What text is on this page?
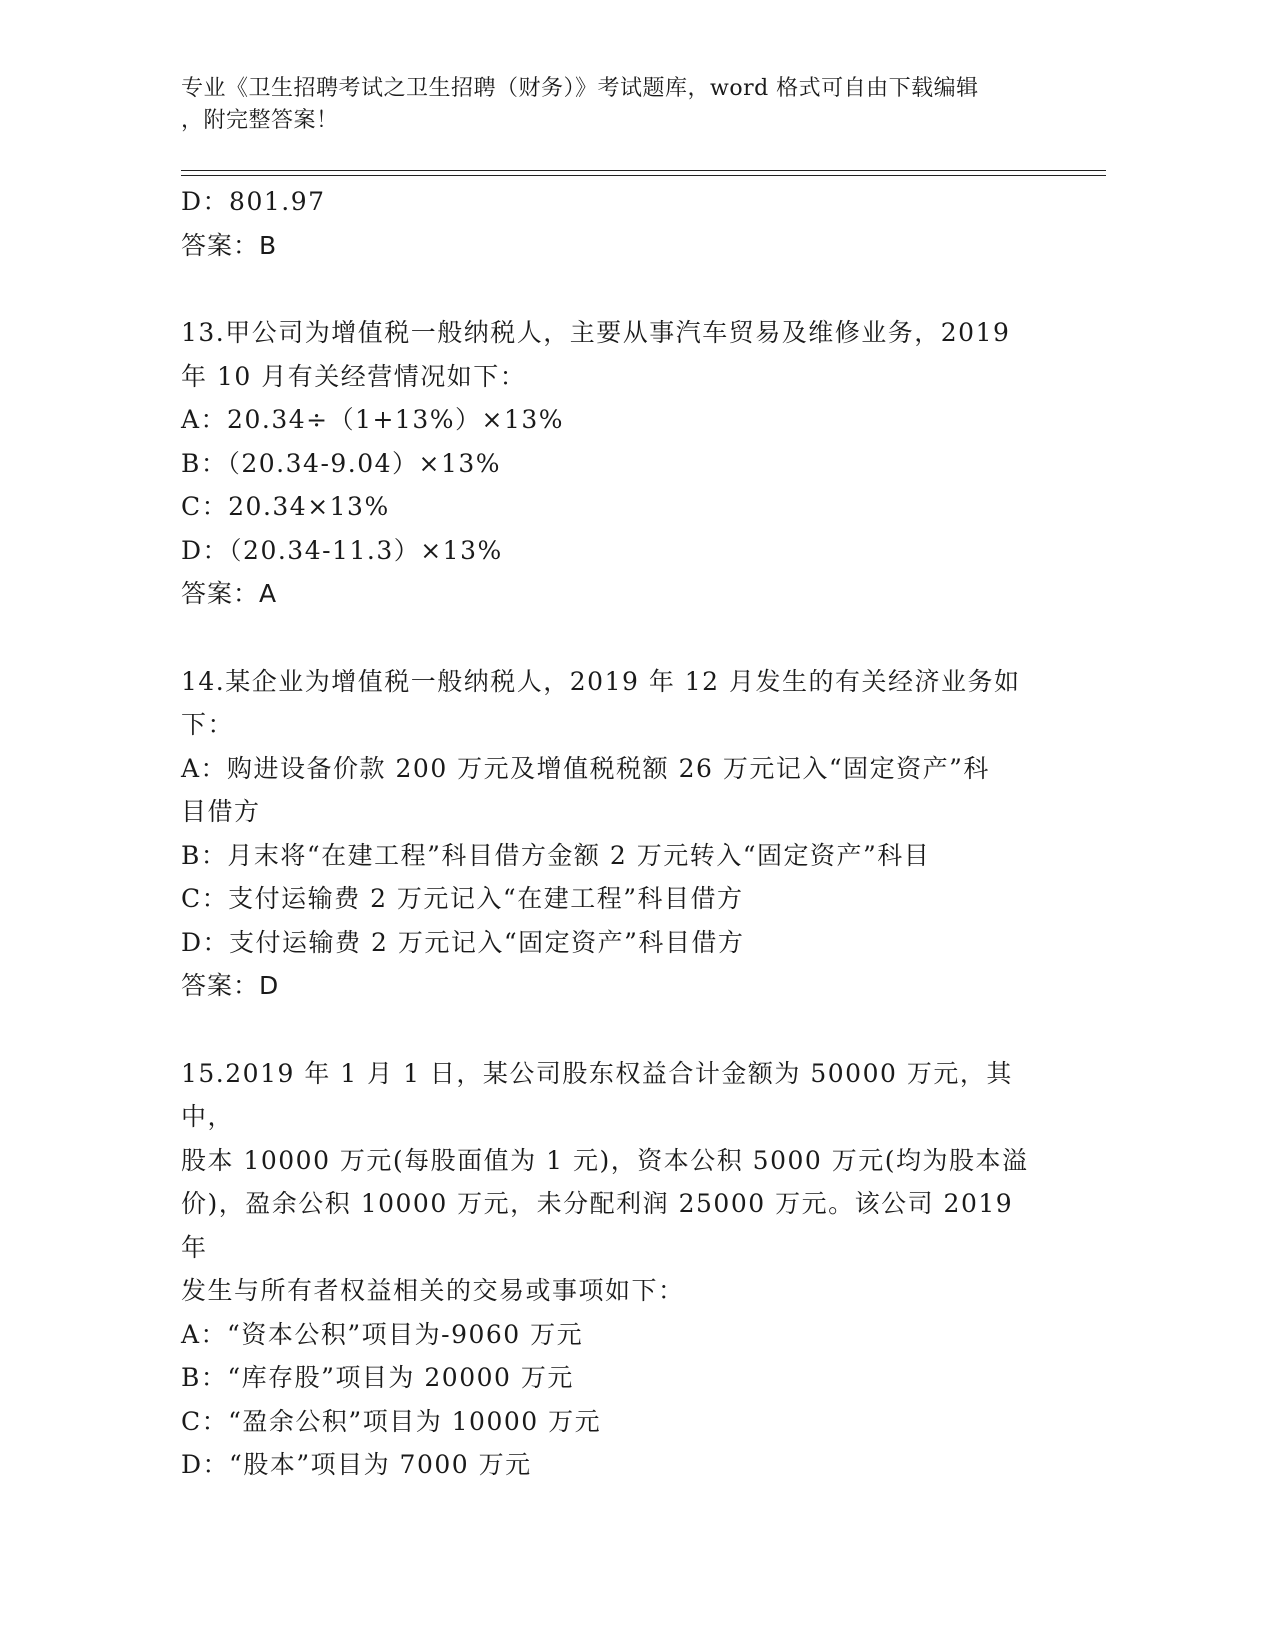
专业《卫生招聘考试之卫生招聘（财务）》考试题库，word 格式可自由下载编辑
，附完整答案！

D：801.97

答案：B

13.甲公司为增值税一般纳税人，主要从事汽车贸易及维修业务，2019

年 10 月有关经营情况如下：

A：20.34÷（1+13%）×13%

B：（20.34-9.04）×13%

C：20.34×13%

D：（20.34-11.3）×13%

答案：A

14.某企业为增值税一般纳税人，2019 年 12 月发生的有关经济业务如

下：

A：购进设备价款 200 万元及增值税税额 26 万元记入“固定资产”科

目借方

B：月末将“在建工程”科目借方金额 2 万元转入“固定资产”科目

C：支付运输费 2 万元记入“在建工程”科目借方

D：支付运输费 2 万元记入“固定资产”科目借方

答案：D

15.2019 年 1 月 1 日，某公司股东权益合计金额为 50000 万元，其中，

股本 10000 万元(每股面值为 1 元)，资本公积 5000 万元(均为股本溢

价)，盈余公积 10000 万元，未分配利润 25000 万元。该公司 2019 年

发生与所有者权益相关的交易或事项如下：

A：“资本公积”项目为-9060 万元

B：“库存股”项目为 20000 万元

C：“盈余公积”项目为 10000 万元

D：“股本”项目为 7000 万元
